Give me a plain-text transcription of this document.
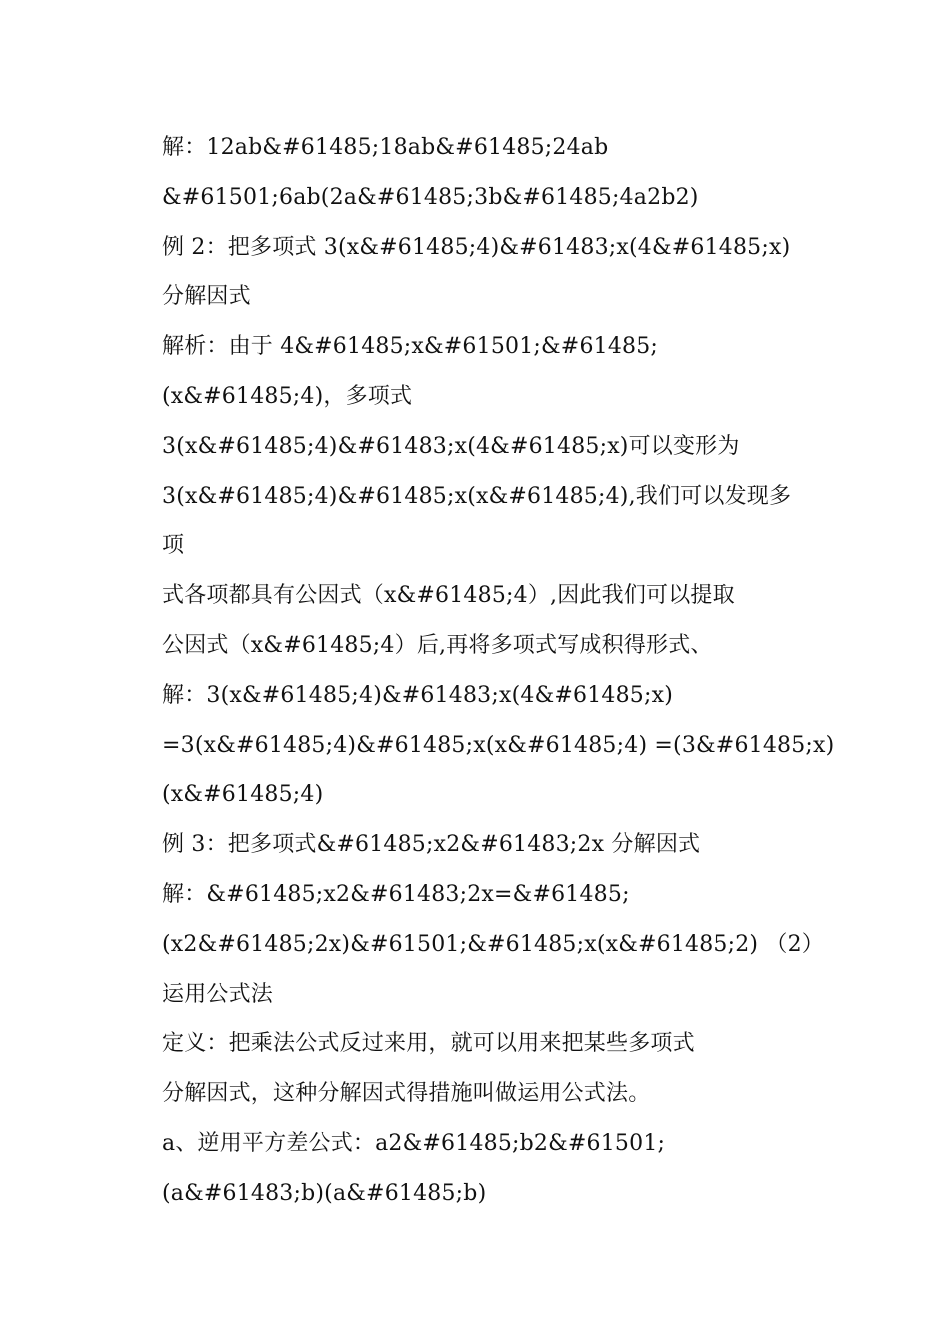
解：12ab&#61485;18ab&#61485;24ab
&#61501;6ab(2a&#61485;3b&#61485;4a2b2)
例 2：把多项式 3(x&#61485;4)&#61483;x(4&#61485;x)
分解因式
解析：由于 4&#61485;x&#61501;&#61485;
(x&#61485;4)，多项式
3(x&#61485;4)&#61483;x(4&#61485;x)可以变形为
3(x&#61485;4)&#61485;x(x&#61485;4),我们可以发现多
项
式各项都具有公因式（x&#61485;4）,因此我们可以提取
公因式（x&#61485;4）后,再将多项式写成积得形式、
解：3(x&#61485;4)&#61483;x(4&#61485;x)
=3(x&#61485;4)&#61485;x(x&#61485;4) =(3&#61485;x)
(x&#61485;4)
例 3：把多项式&#61485;x2&#61483;2x 分解因式
解：&#61485;x2&#61483;2x=&#61485;
(x2&#61485;2x)&#61501;&#61485;x(x&#61485;2) （2）
运用公式法
定义：把乘法公式反过来用，就可以用来把某些多项式
分解因式，这种分解因式得措施叫做运用公式法。
a、逆用平方差公式：a2&#61485;b2&#61501;
(a&#61483;b)(a&#61485;b)
